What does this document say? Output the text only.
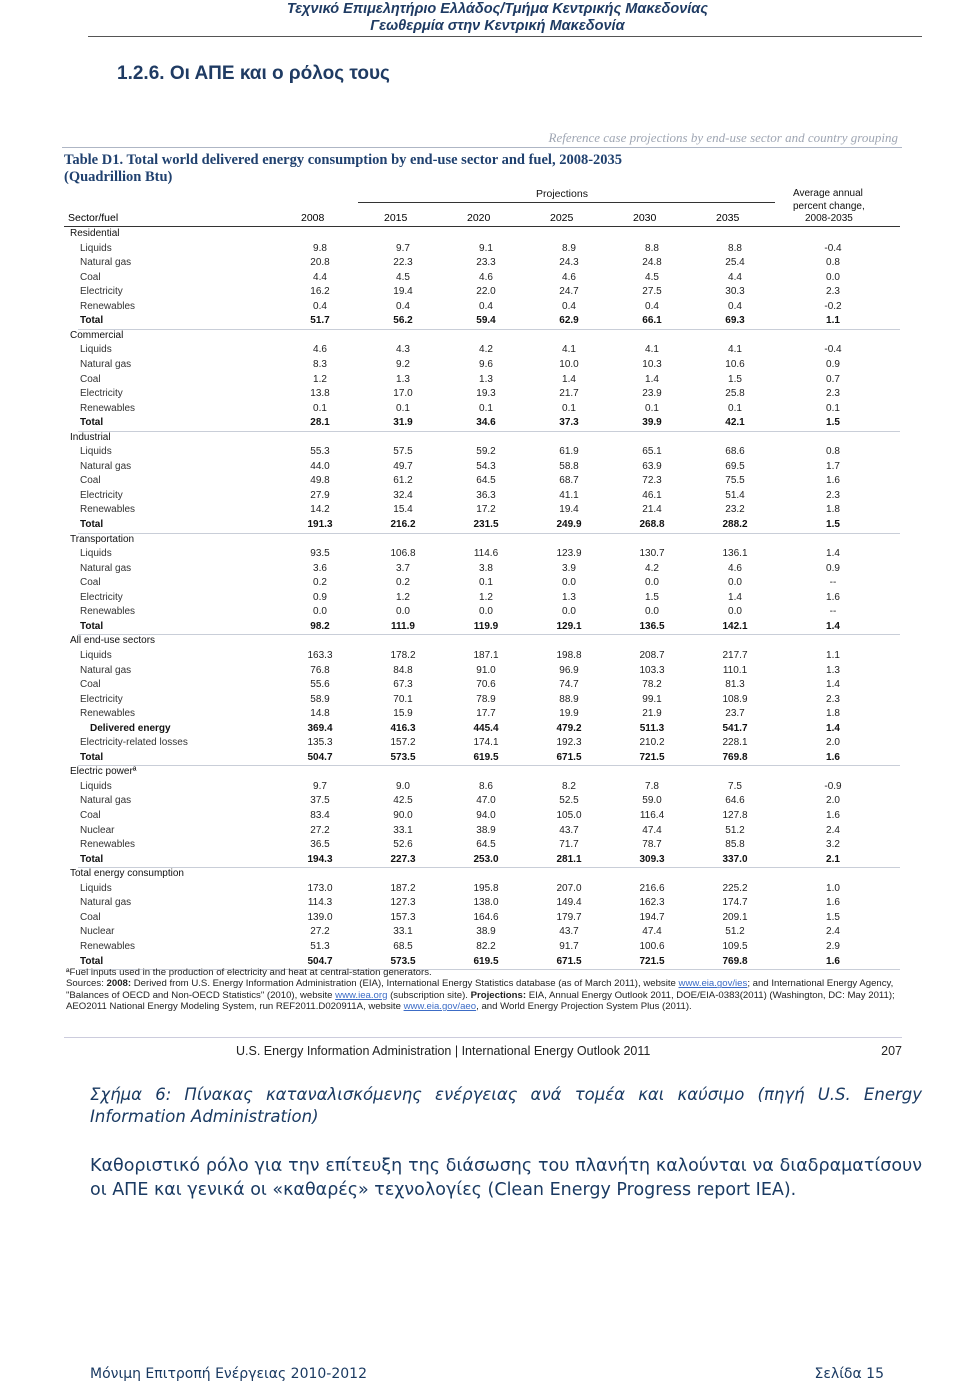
Τεχνικό Επιμελητήριο Ελλάδος/Τμήμα Κεντρικής Μακεδονίας
Γεωθερμία στην Κεντρική Μακεδονία
1.2.6. Οι ΑΠΕ και ο ρόλος τους
Reference case projections by end-use sector and country grouping
Table D1. Total world delivered energy consumption by end-use sector and fuel, 2008-2035
(Quadrillion Btu)
Projections	Average annual
percent change,
2008-2035
Sector/fuel	2008	2015	2020	2025	2030	2035
Residential
Liquids	9.8	9.7	9.1	8.9	8.8	8.8	-0.4
Natural gas	20.8	22.3	23.3	24.3	24.8	25.4	0.8
Coal	4.4	4.5	4.6	4.6	4.5	4.4	0.0
Electricity	16.2	19.4	22.0	24.7	27.5	30.3	2.3
Renewables	0.4	0.4	0.4	0.4	0.4	0.4	-0.2
Total	51.7	56.2	59.4	62.9	66.1	69.3	1.1
Commercial
Liquids	4.6	4.3	4.2	4.1	4.1	4.1	-0.4
Natural gas	8.3	9.2	9.6	10.0	10.3	10.6	0.9
Coal	1.2	1.3	1.3	1.4	1.4	1.5	0.7
Electricity	13.8	17.0	19.3	21.7	23.9	25.8	2.3
Renewables	0.1	0.1	0.1	0.1	0.1	0.1	0.1
Total	28.1	31.9	34.6	37.3	39.9	42.1	1.5
Industrial
Liquids	55.3	57.5	59.2	61.9	65.1	68.6	0.8
Natural gas	44.0	49.7	54.3	58.8	63.9	69.5	1.7
Coal	49.8	61.2	64.5	68.7	72.3	75.5	1.6
Electricity	27.9	32.4	36.3	41.1	46.1	51.4	2.3
Renewables	14.2	15.4	17.2	19.4	21.4	23.2	1.8
Total	191.3	216.2	231.5	249.9	268.8	288.2	1.5
Transportation
Liquids	93.5	106.8	114.6	123.9	130.7	136.1	1.4
Natural gas	3.6	3.7	3.8	3.9	4.2	4.6	0.9
Coal	0.2	0.2	0.1	0.0	0.0	0.0	--
Electricity	0.9	1.2	1.2	1.3	1.5	1.4	1.6
Renewables	0.0	0.0	0.0	0.0	0.0	0.0	--
Total	98.2	111.9	119.9	129.1	136.5	142.1	1.4
All end-use sectors
Liquids	163.3	178.2	187.1	198.8	208.7	217.7	1.1
Natural gas	76.8	84.8	91.0	96.9	103.3	110.1	1.3
Coal	55.6	67.3	70.6	74.7	78.2	81.3	1.4
Electricity	58.9	70.1	78.9	88.9	99.1	108.9	2.3
Renewables	14.8	15.9	17.7	19.9	21.9	23.7	1.8
Delivered energy	369.4	416.3	445.4	479.2	511.3	541.7	1.4
Electricity-related losses	135.3	157.2	174.1	192.3	210.2	228.1	2.0
Total	504.7	573.5	619.5	671.5	721.5	769.8	1.6
Electric powerª
Liquids	9.7	9.0	8.6	8.2	7.8	7.5	-0.9
Natural gas	37.5	42.5	47.0	52.5	59.0	64.6	2.0
Coal	83.4	90.0	94.0	105.0	116.4	127.8	1.6
Nuclear	27.2	33.1	38.9	43.7	47.4	51.2	2.4
Renewables	36.5	52.6	64.5	71.7	78.7	85.8	3.2
Total	194.3	227.3	253.0	281.1	309.3	337.0	2.1
Total energy consumption
Liquids	173.0	187.2	195.8	207.0	216.6	225.2	1.0
Natural gas	114.3	127.3	138.0	149.4	162.3	174.7	1.6
Coal	139.0	157.3	164.6	179.7	194.7	209.1	1.5
Nuclear	27.2	33.1	38.9	43.7	47.4	51.2	2.4
Renewables	51.3	68.5	82.2	91.7	100.6	109.5	2.9
Total	504.7	573.5	619.5	671.5	721.5	769.8	1.6
ªFuel inputs used in the production of electricity and heat at central-station generators.
Sources: 2008: Derived from U.S. Energy Information Administration (EIA), International Energy Statistics database (as of March 2011), website www.eia.gov/ies; and International Energy Agency, "Balances of OECD and Non-OECD Statistics" (2010), website www.iea.org (subscription site). Projections: EIA, Annual Energy Outlook 2011, DOE/EIA-0383(2011) (Washington, DC: May 2011); AEO2011 National Energy Modeling System, run REF2011.D020911A, website www.eia.gov/aeo, and World Energy Projection System Plus (2011).
U.S. Energy Information Administration | International Energy Outlook 2011	207
Σχήμα 6: Πίνακας καταναλισκόμενης ενέργειας ανά τομέα και καύσιμο (πηγή U.S. Energy Information Administration)
Καθοριστικό ρόλο για την επίτευξη της διάσωσης του πλανήτη καλούνται να διαδραματίσουν οι ΑΠΕ και γενικά οι «καθαρές» τεχνολογίες (Clean Energy Progress report IEA).
Μόνιμη Επιτροπή Ενέργειας 2010-2012	Σελίδα 15
